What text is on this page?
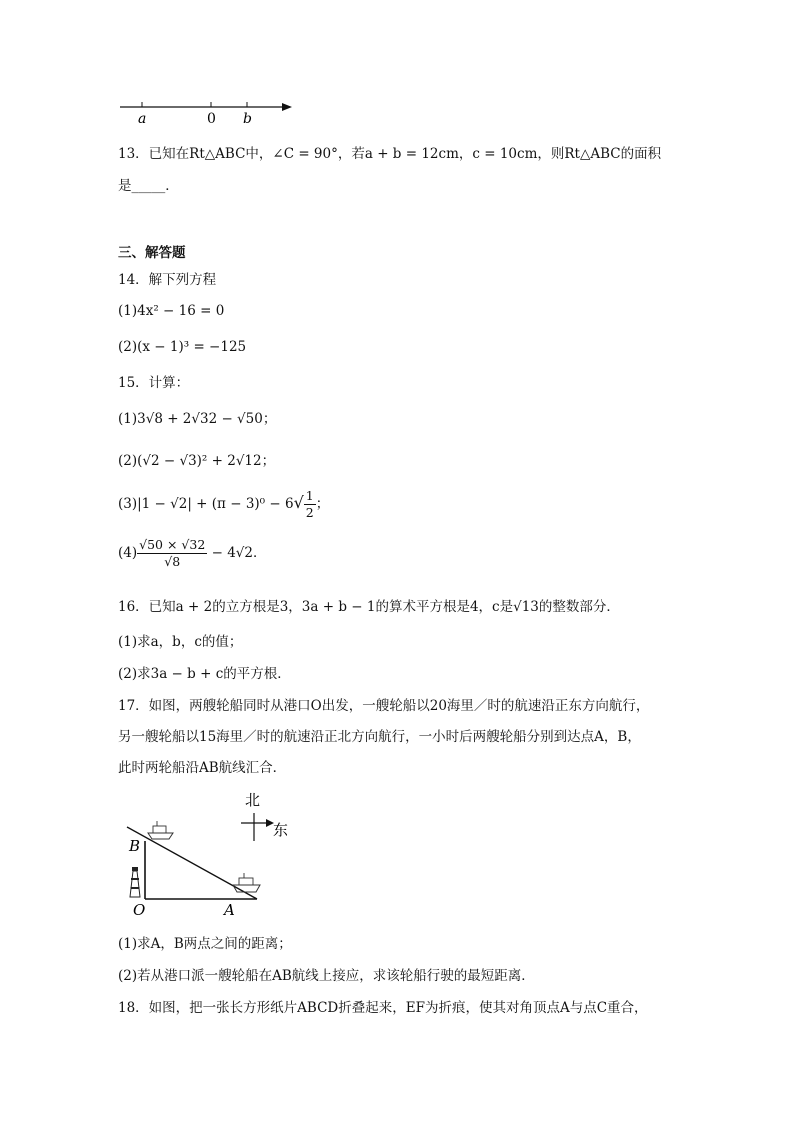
a	0 b
13．已知在Rt△ABC中，∠C = 90°，若a + b = 12cm，c = 10cm，则Rt△ABC的面积
是_____．
三、解答题
14．解下列方程
(1)4x² − 16 = 0
(2)(x − 1)³ = −125
15．计算：
(1)3√8 + 2√32 − √50；
(2)(√2 − √3)² + 2√12；
$(3)|1 - √2| + (\pi - 3)^0 - 6√ \frac{1}{2}$ ；
$(4) \frac{√50 \times √32}{√8} - 4√2$．
16．已知a + 2的立方根是3，3a + b − 1的算术平方根是4，c是√13的整数部分．
(1)求a，b，c的值；
(2)求3a − b + c的平方根．
17．如图，两艘轮船同时从港口O出发，一艘轮船以20海里／时的航速沿正东方向航行，
另一艘轮船以15海里／时的航速沿正北方向航行，一小时后两艘轮船分别到达点A，B，
此时两轮船沿AB航线汇合．
北
东
B
O	A
(1)求A，B两点之间的距离；
(2)若从港口派一艘轮船在AB航线上接应，求该轮船行驶的最短距离．
18．如图，把一张长方形纸片ABCD折叠起来，EF为折痕，使其对角顶点A与点C重合，
